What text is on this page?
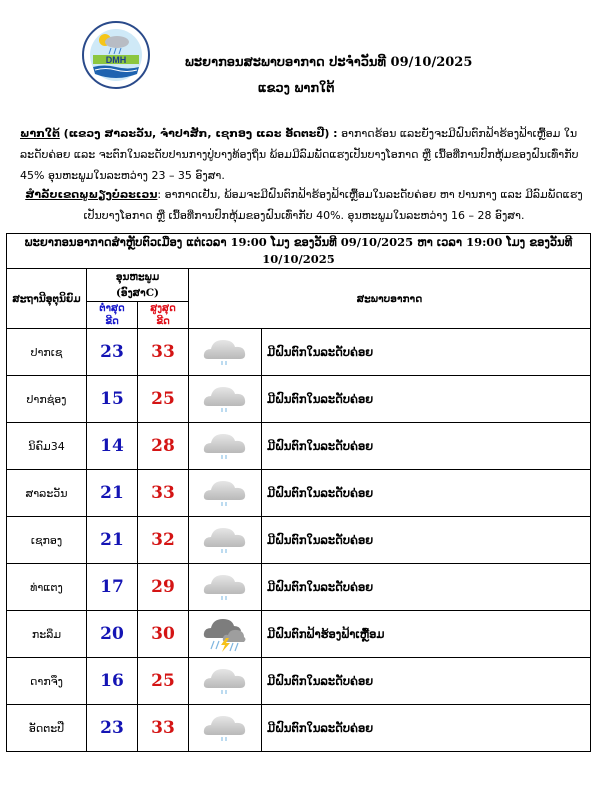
DMH	ພະຍາກອນສະພາບອາກາດ ປະຈຳວັນທີ 09/10/2025
ແຂວງ ພາກໃຕ້
ພາກໃຕ້ (ແຂວງ ສາລະວັນ, ຈຳປາສັກ, ເຊກອງ ແລະ ອັດຕະປື) : ອາກາດຮ້ອນ ແລະຍັງຈະມີຝົນຕົກຟ້າຮ້ອງຟ້າເຫຼື້ອມ ໃນລະດັບຄ່ອຍ ແລະ ຈະຕົກໃນລະດັບປານກາງປູ່ບາງທ້ອງຖິ່ນ ພ້ອມມີລົມພັດແຮງເປັນບາງໂອກາດ ຫຼື ເນື້ອທີ່ການປົກຫຸ້ມຂອງຝົນເທົ່າກັບ 45% ອຸນຫະພູມໃນລະຫວ່າງ 23 – 35 ອົງສາ.
ສຳລັບເຂດພູພຽງບໍລະເວນ: ອາກາດເຢັນ, ພ້ອມຈະມີຝົນຕົກຟ້າຮ້ອງຟ້າເຫຼື້ອມໃນລະດັບຄ່ອຍ ຫາ ປານກາງ ແລະ ມີລົມພັດແຮງເປັນບາງໂອກາດ ຫຼື ເນື້ອທີ່ການປົກຫຸ້ມຂອງຝົນເທົ່າກັບ 40%. ອຸນຫະພູມໃນລະຫວ່າງ 16 – 28 ອົງສາ.
ພະຍາກອນອາກາດສຳຫຼັບຕົວເມືອງ ແຕ່ເວລາ 19:00 ໂມງ ຂອງວັນທີ 09/10/2025 ຫາ ເວລາ 19:00 ໂມງ ຂອງວັນທີ 10/10/2025				
ສະຖານີອຸຕຸນິຍົມ	ອຸນຫະພູມ (ອົງສາC)		ສະພາບອາກາດ	
	ຕ່ຳສຸດ ຂີດ	ສູງສຸດ ຂີດ		
ປາກເຊ	23	33		ມີຝົນຕົກໃນລະດັບຄ່ອຍ
ປາກຊ່ອງ	15	25		ມີຝົນຕົກໃນລະດັບຄ່ອຍ
ນິຄົມ34	14	28		ມີຝົນຕົກໃນລະດັບຄ່ອຍ
ສາລະວັນ	21	33		ມີຝົນຕົກໃນລະດັບຄ່ອຍ
ເຊກອງ	21	32		ມີຝົນຕົກໃນລະດັບຄ່ອຍ
ທ່າແຕງ	17	29		ມີຝົນຕົກໃນລະດັບຄ່ອຍ
ກະລຶມ	20	30		ມີຝົນຕົກຟ້າຮ້ອງຟ້າເຫຼື້ອມ
ດາກຈຶງ	16	25		ມີຝົນຕົກໃນລະດັບຄ່ອຍ
ອັດຕະປື	23	33		ມີຝົນຕົກໃນລະດັບຄ່ອຍ
